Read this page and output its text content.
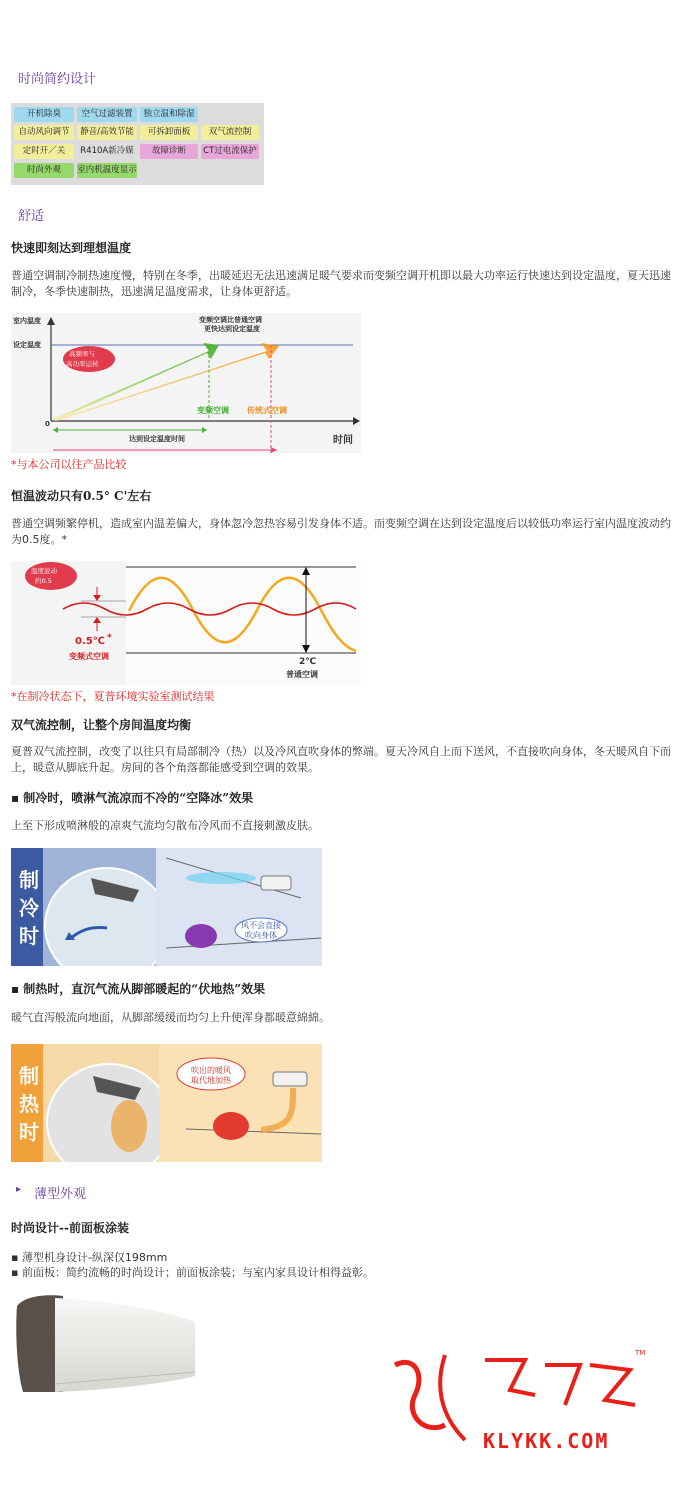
时尚简约设计
开机除臭	空气过滤装置	独立温和除湿
自动风向调节	静音/高效节能	可拆卸面板	双气流控制
定时开／关	R410A新冷媒	故障诊断	CT过电流保护
时尚外观	室内机温度显示
舒适
快速即刻达到理想温度
普通空调制冷制热速度慢，特别在冬季，出暖延迟无法迅速满足暖气要求而变频空调开机即以最大功率运行快速达到设定温度，夏天迅速制冷，冬季快速制热，迅速满足温度需求，让身体更舒适。
室内温度
设定温度
0
变频空调比普通空调
更快达到设定温度
高频率与
高功率运转
变频空调 传统式空调
达到设定温度时间	时间
*与本公司以往产品比较
恒温波动只有0.5° C'左右
普通空调频繁停机，造成室内温差偏大，身体忽冷忽热容易引发身体不适。而变频空调在达到设定温度后以较低功率运行室内温度波动约为0.5度。*
温度波动
约0.5
0.5℃ *
变频式空调
2℃
普通空调
*在制冷状态下，夏普环境实验室测试结果
双气流控制，让整个房间温度均衡
夏普双气流控制，改变了以往只有局部制冷（热）以及冷风直吹身体的弊端。夏天冷风自上而下送风，不直接吹向身体，冬天暖风自下而上，暖意从脚底升起。房间的各个角落都能感受到空调的效果。
▪ 制冷时，喷淋气流凉而不冷的“空降冰”效果
上至下形成喷淋般的凉爽气流均匀散布冷风而不直接刺激皮肤。
制
冷
时	风不会直接
吹向身体
▪ 制热时，直沉气流从脚部暖起的“伏地热”效果
暖气直泻般流向地面，从脚部缓缓而均匀上升使浑身都暖意綿綿。
制
热
时
吹出的暖风
取代地加热
▸ 薄型外观
时尚设计--前面板涂装
▪ 薄型机身设计-纵深仅198mm
▪ 前面板：简约流畅的时尚设计；前面板涂装；与室内家具设计相得益彰。
TM
KLYKK.COM
